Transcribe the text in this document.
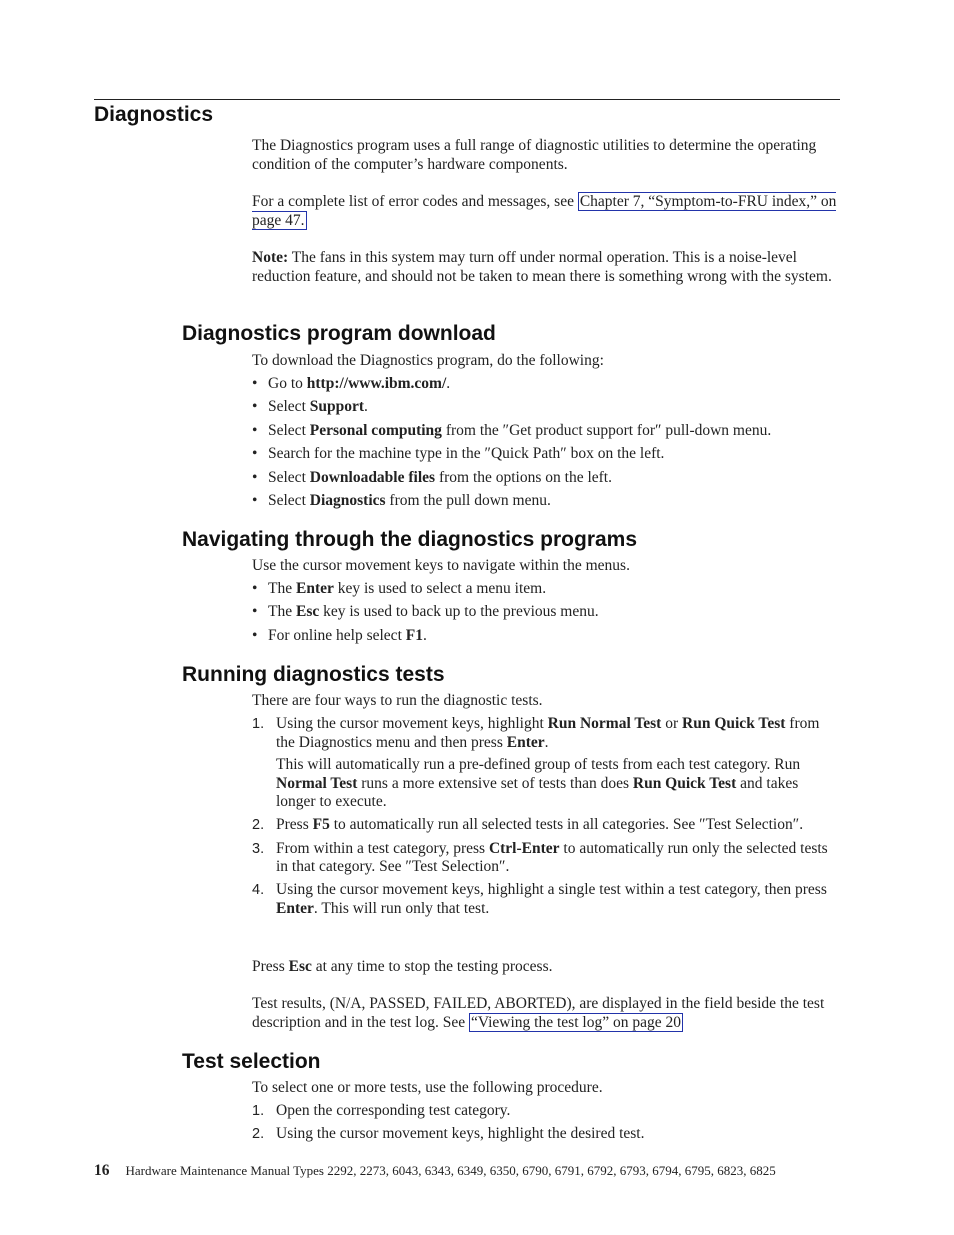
Diagnostics

The Diagnostics program uses a full range of diagnostic utilities to determine the operating condition of the computer’s hardware components.

For a complete list of error codes and messages, see Chapter 7, “Symptom-to-FRU index,” on page 47.

Note: The fans in this system may turn off under normal operation. This is a noise-level reduction feature, and should not be taken to mean there is something wrong with the system.

Diagnostics program download

To download the Diagnostics program, do the following:

• Go to http://www.ibm.com/.
• Select Support.
• Select Personal computing from the ″Get product support for″ pull-down menu.
• Search for the machine type in the ″Quick Path″ box on the left.
• Select Downloadable files from the options on the left.
• Select Diagnostics from the pull down menu.
Navigating through the diagnostics programs

Use the cursor movement keys to navigate within the menus.

• The Enter key is used to select a menu item.
• The Esc key is used to back up to the previous menu.
• For online help select F1.
Running diagnostics tests

There are four ways to run the diagnostic tests.

1. Using the cursor movement keys, highlight Run Normal Test or Run Quick Test from the Diagnostics menu and then press Enter.
This will automatically run a pre-defined group of tests from each test category. Run Normal Test runs a more extensive set of tests than does Run Quick Test and takes longer to execute.
2. Press F5 to automatically run all selected tests in all categories. See ″Test Selection″.
3. From within a test category, press Ctrl-Enter to automatically run only the selected tests in that category. See ″Test Selection″.
4. Using the cursor movement keys, highlight a single test within a test category, then press Enter. This will run only that test.

Press Esc at any time to stop the testing process.

Test results, (N/A, PASSED, FAILED, ABORTED), are displayed in the field beside the test description and in the test log. See “Viewing the test log” on page 20

Test selection

To select one or more tests, use the following procedure.

1. Open the corresponding test category.
2. Using the cursor movement keys, highlight the desired test.
16 Hardware Maintenance Manual Types 2292, 2273, 6043, 6343, 6349, 6350, 6790, 6791, 6792, 6793, 6794, 6795, 6823, 6825
